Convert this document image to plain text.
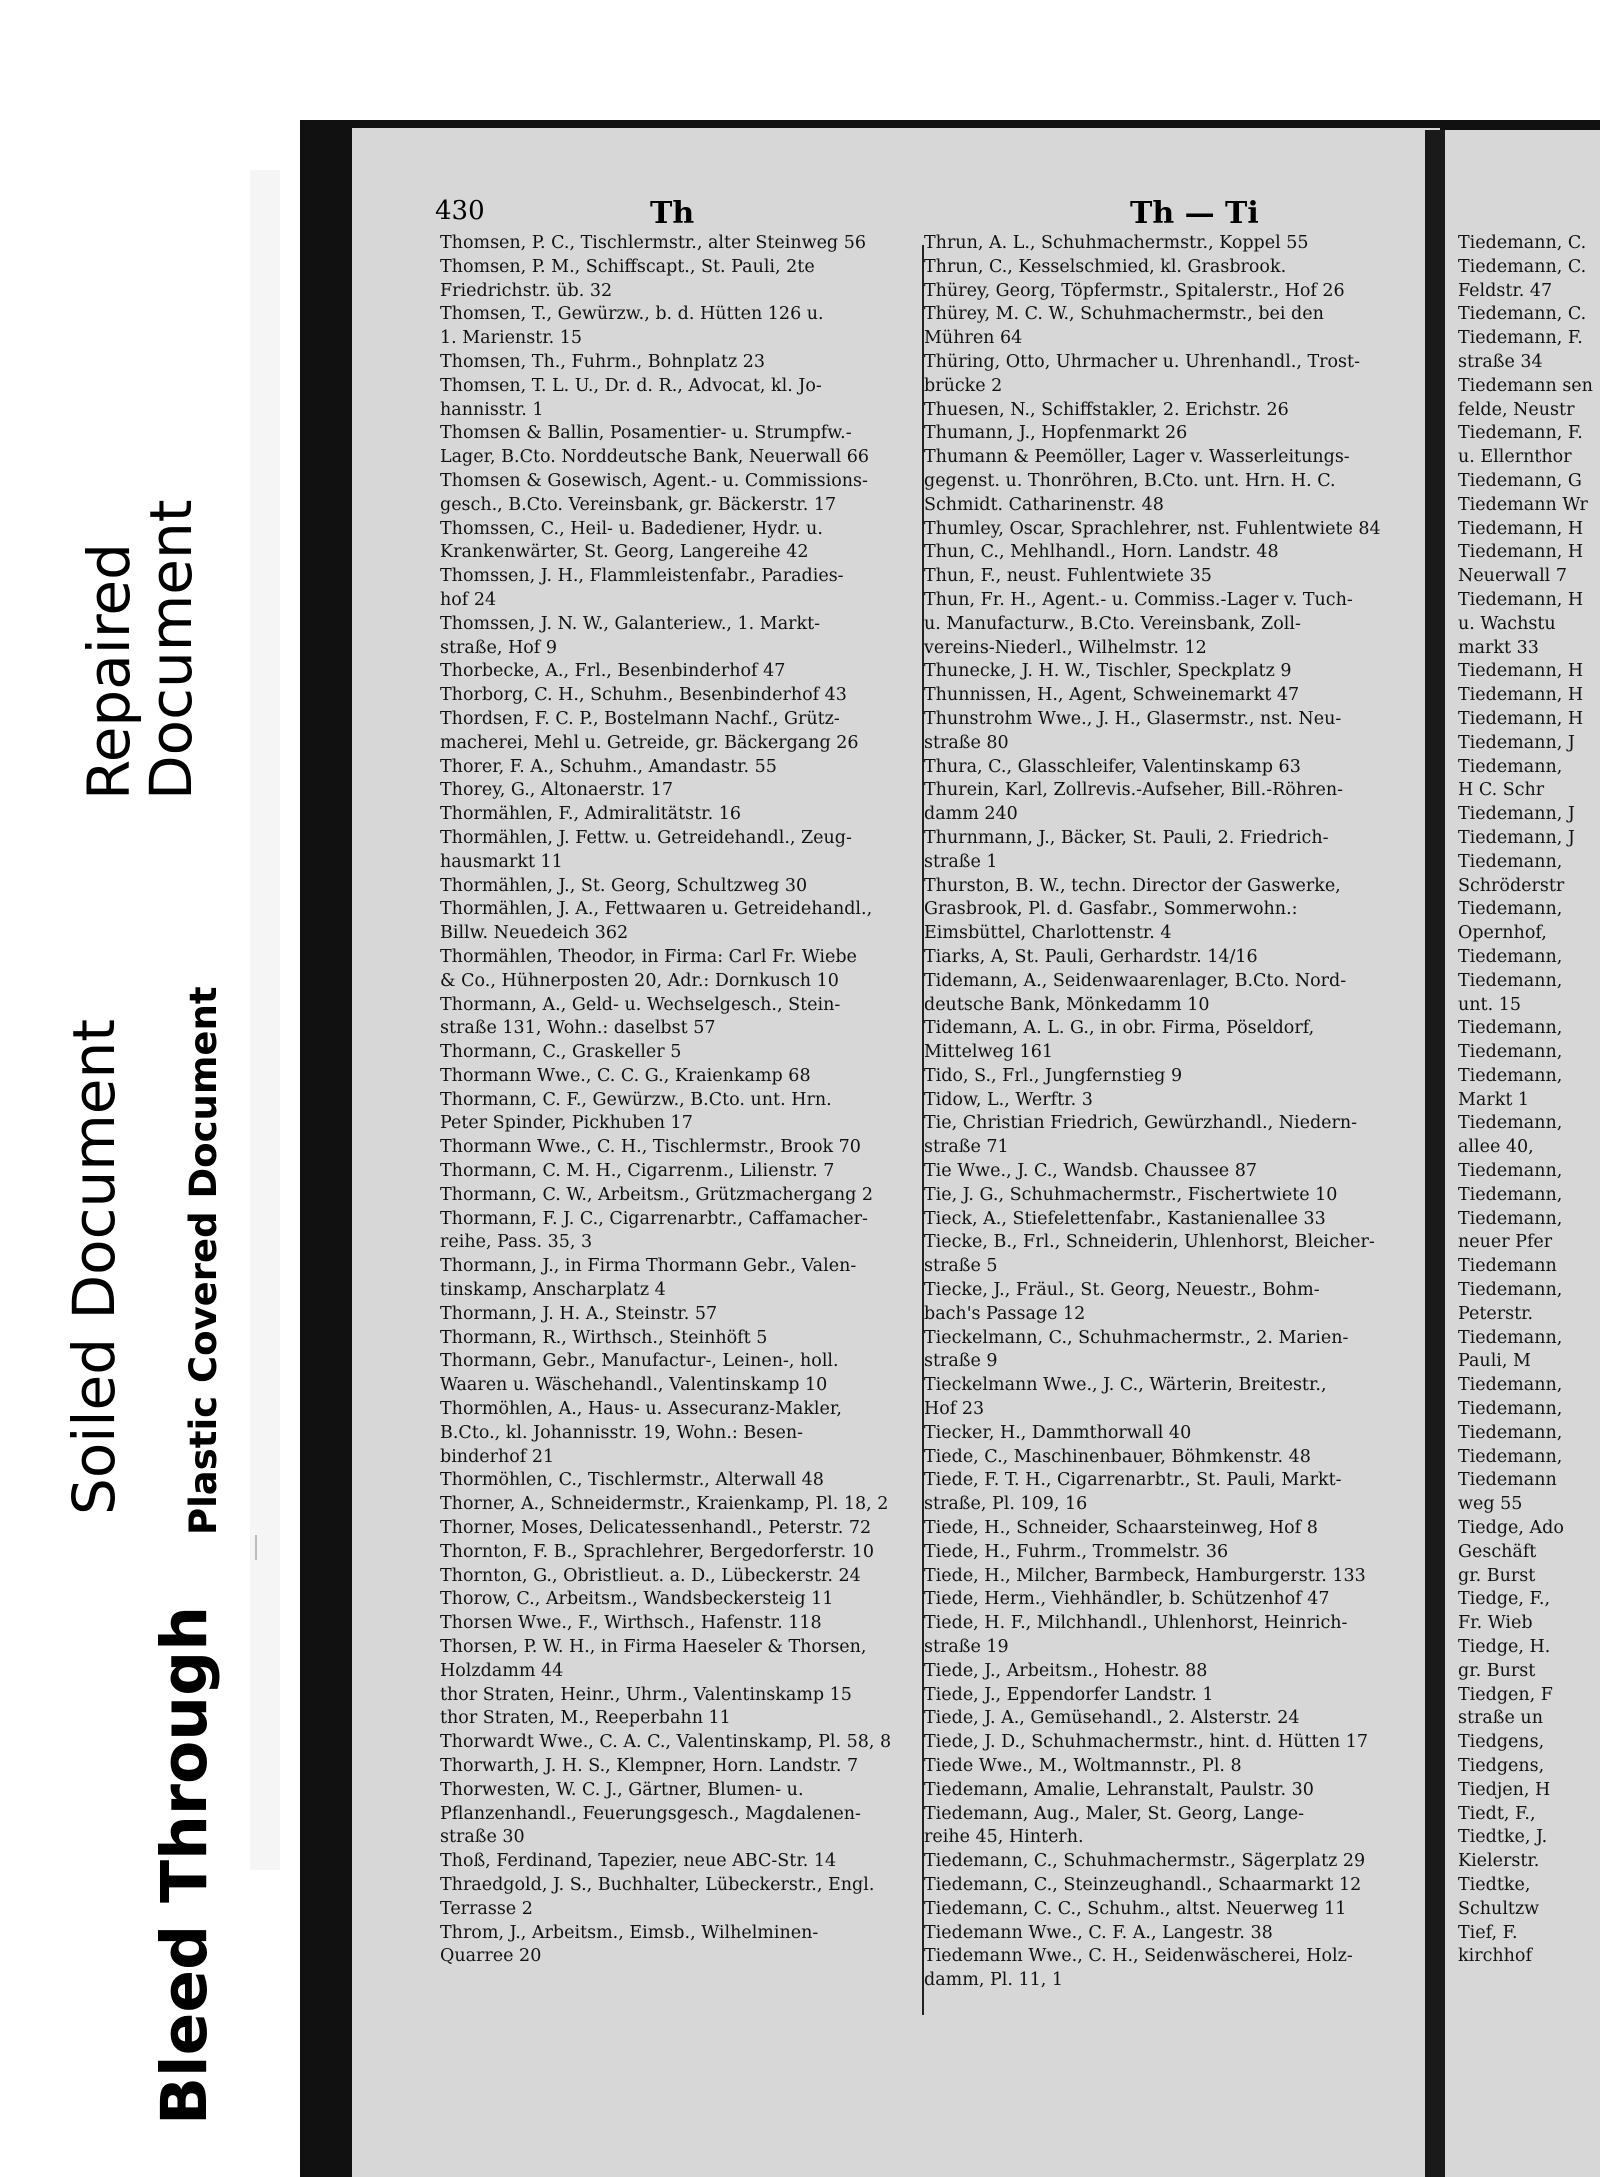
Repaired
Document
Soiled Document Plastic Covered Document
Bleed Through
430	Th	Th — Ti
Thomsen, P. C., Tischlermstr., alter Steinweg 56
Thomsen, P. M., Schiffscapt., St. Pauli, 2te
Friedrichstr. üb. 32
Thomsen, T., Gewürzw., b. d. Hütten 126 u.
1. Marienstr. 15
Thomsen, Th., Fuhrm., Bohnplatz 23
Thomsen, T. L. U., Dr. d. R., Advocat, kl. Jo-
hannisstr. 1
Thomsen & Ballin, Posamentier- u. Strumpfw.-
Lager, B.Cto. Norddeutsche Bank, Neuerwall 66
Thomsen & Gosewisch, Agent.- u. Commissions-
gesch., B.Cto. Vereinsbank, gr. Bäckerstr. 17
Thomssen, C., Heil- u. Badediener, Hydr. u.
Krankenwärter, St. Georg, Langereihe 42
Thomssen, J. H., Flammleistenfabr., Paradies-
hof 24
Thomssen, J. N. W., Galanteriew., 1. Markt-
straße, Hof 9
Thorbecke, A., Frl., Besenbinderhof 47
Thorborg, C. H., Schuhm., Besenbinderhof 43
Thordsen, F. C. P., Bostelmann Nachf., Grütz-
macherei, Mehl u. Getreide, gr. Bäckergang 26
Thorer, F. A., Schuhm., Amandastr. 55
Thorey, G., Altonaerstr. 17
Thormählen, F., Admiralitätstr. 16
Thormählen, J. Fettw. u. Getreidehandl., Zeug-
hausmarkt 11
Thormählen, J., St. Georg, Schultzweg 30
Thormählen, J. A., Fettwaaren u. Getreidehandl.,
Billw. Neuedeich 362
Thormählen, Theodor, in Firma: Carl Fr. Wiebe
& Co., Hühnerposten 20, Adr.: Dornkusch 10
Thormann, A., Geld- u. Wechselgesch., Stein-
straße 131, Wohn.: daselbst 57
Thormann, C., Graskeller 5
Thormann Wwe., C. C. G., Kraienkamp 68
Thormann, C. F., Gewürzw., B.Cto. unt. Hrn.
Peter Spinder, Pickhuben 17
Thormann Wwe., C. H., Tischlermstr., Brook 70
Thormann, C. M. H., Cigarrenm., Lilienstr. 7
Thormann, C. W., Arbeitsm., Grützmachergang 2
Thormann, F. J. C., Cigarrenarbtr., Caffamacher-
reihe, Pass. 35, 3
Thormann, J., in Firma Thormann Gebr., Valen-
tinskamp, Anscharplatz 4
Thormann, J. H. A., Steinstr. 57
Thormann, R., Wirthsch., Steinhöft 5
Thormann, Gebr., Manufactur-, Leinen-, holl.
Waaren u. Wäschehandl., Valentinskamp 10
Thormöhlen, A., Haus- u. Assecuranz-Makler,
B.Cto., kl. Johannisstr. 19, Wohn.: Besen-
binderhof 21
Thormöhlen, C., Tischlermstr., Alterwall 48
Thorner, A., Schneidermstr., Kraienkamp, Pl. 18, 2
Thorner, Moses, Delicatessenhandl., Peterstr. 72
Thornton, F. B., Sprachlehrer, Bergedorferstr. 10
Thornton, G., Obristlieut. a. D., Lübeckerstr. 24
Thorow, C., Arbeitsm., Wandsbeckersteig 11
Thorsen Wwe., F., Wirthsch., Hafenstr. 118
Thorsen, P. W. H., in Firma Haeseler & Thorsen,
Holzdamm 44
thor Straten, Heinr., Uhrm., Valentinskamp 15
thor Straten, M., Reeperbahn 11
Thorwardt Wwe., C. A. C., Valentinskamp, Pl. 58, 8
Thorwarth, J. H. S., Klempner, Horn. Landstr. 7
Thorwesten, W. C. J., Gärtner, Blumen- u.
Pflanzenhandl., Feuerungsgesch., Magdalenen-
straße 30
Thoß, Ferdinand, Tapezier, neue ABC-Str. 14
Thraedgold, J. S., Buchhalter, Lübeckerstr., Engl.
Terrasse 2
Throm, J., Arbeitsm., Eimsb., Wilhelminen-
Quarree 20
Thrun, A. L., Schuhmachermstr., Koppel 55
Thrun, C., Kesselschmied, kl. Grasbrook.
Thürey, Georg, Töpfermstr., Spitalerstr., Hof 26
Thürey, M. C. W., Schuhmachermstr., bei den
Mühren 64
Thüring, Otto, Uhrmacher u. Uhrenhandl., Trost-
brücke 2
Thuesen, N., Schiffstakler, 2. Erichstr. 26
Thumann, J., Hopfenmarkt 26
Thumann & Peemöller, Lager v. Wasserleitungs-
gegenst. u. Thonröhren, B.Cto. unt. Hrn. H. C.
Schmidt. Catharinenstr. 48
Thumley, Oscar, Sprachlehrer, nst. Fuhlentwiete 84
Thun, C., Mehlhandl., Horn. Landstr. 48
Thun, F., neust. Fuhlentwiete 35
Thun, Fr. H., Agent.- u. Commiss.-Lager v. Tuch-
u. Manufacturw., B.Cto. Vereinsbank, Zoll-
vereins-Niederl., Wilhelmstr. 12
Thunecke, J. H. W., Tischler, Speckplatz 9
Thunnissen, H., Agent, Schweinemarkt 47
Thunstrohm Wwe., J. H., Glasermstr., nst. Neu-
straße 80
Thura, C., Glasschleifer, Valentinskamp 63
Thurein, Karl, Zollrevis.-Aufseher, Bill.-Röhren-
damm 240
Thurnmann, J., Bäcker, St. Pauli, 2. Friedrich-
straße 1
Thurston, B. W., techn. Director der Gaswerke,
Grasbrook, Pl. d. Gasfabr., Sommerwohn.:
Eimsbüttel, Charlottenstr. 4
Tiarks, A, St. Pauli, Gerhardstr. 14/16
Tidemann, A., Seidenwaarenlager, B.Cto. Nord-
deutsche Bank, Mönkedamm 10
Tidemann, A. L. G., in obr. Firma, Pöseldorf,
Mittelweg 161
Tido, S., Frl., Jungfernstieg 9
Tidow, L., Werftr. 3
Tie, Christian Friedrich, Gewürzhandl., Niedern-
straße 71
Tie Wwe., J. C., Wandsb. Chaussee 87
Tie, J. G., Schuhmachermstr., Fischertwiete 10
Tieck, A., Stiefelettenfabr., Kastanienallee 33
Tiecke, B., Frl., Schneiderin, Uhlenhorst, Bleicher-
straße 5
Tiecke, J., Fräul., St. Georg, Neuestr., Bohm-
bach's Passage 12
Tieckelmann, C., Schuhmachermstr., 2. Marien-
straße 9
Tieckelmann Wwe., J. C., Wärterin, Breitestr.,
Hof 23
Tiecker, H., Dammthorwall 40
Tiede, C., Maschinenbauer, Böhmkenstr. 48
Tiede, F. T. H., Cigarrenarbtr., St. Pauli, Markt-
straße, Pl. 109, 16
Tiede, H., Schneider, Schaarsteinweg, Hof 8
Tiede, H., Fuhrm., Trommelstr. 36
Tiede, H., Milcher, Barmbeck, Hamburgerstr. 133
Tiede, Herm., Viehhändler, b. Schützenhof 47
Tiede, H. F., Milchhandl., Uhlenhorst, Heinrich-
straße 19
Tiede, J., Arbeitsm., Hohestr. 88
Tiede, J., Eppendorfer Landstr. 1
Tiede, J. A., Gemüsehandl., 2. Alsterstr. 24
Tiede, J. D., Schuhmachermstr., hint. d. Hütten 17
Tiede Wwe., M., Woltmannstr., Pl. 8
Tiedemann, Amalie, Lehranstalt, Paulstr. 30
Tiedemann, Aug., Maler, St. Georg, Lange-
reihe 45, Hinterh.
Tiedemann, C., Schuhmachermstr., Sägerplatz 29
Tiedemann, C., Steinzeughandl., Schaarmarkt 12
Tiedemann, C. C., Schuhm., altst. Neuerweg 11
Tiedemann Wwe., C. F. A., Langestr. 38
Tiedemann Wwe., C. H., Seidenwäscherei, Holz-
damm, Pl. 11, 1
Tiedemann, C.
Tiedemann, C.
Feldstr. 47
Tiedemann, C.
Tiedemann, F.
straße 34
Tiedemann sen
felde, Neustr
Tiedemann, F.
u. Ellernthor
Tiedemann, G
Tiedemann Wr
Tiedemann, H
Tiedemann, H
Neuerwall 7
Tiedemann, H
u. Wachstu
markt 33
Tiedemann, H
Tiedemann, H
Tiedemann, H
Tiedemann, J
Tiedemann,
H C. Schr
Tiedemann, J
Tiedemann, J
Tiedemann,
Schröderstr
Tiedemann,
Opernhof,
Tiedemann,
Tiedemann,
unt. 15
Tiedemann,
Tiedemann,
Tiedemann,
Markt 1
Tiedemann,
allee 40,
Tiedemann,
Tiedemann,
Tiedemann,
neuer Pfer
Tiedemann
Tiedemann,
Peterstr.
Tiedemann,
Pauli, M
Tiedemann,
Tiedemann,
Tiedemann,
Tiedemann,
Tiedemann
weg 55
Tiedge, Ado
Geschäft
gr. Burst
Tiedge, F.,
Fr. Wieb
Tiedge, H.
gr. Burst
Tiedgen, F
straße un
Tiedgens,
Tiedgens,
Tiedjen, H
Tiedt, F.,
Tiedtke, J.
Kielerstr.
Tiedtke,
Schultzw
Tief, F.
kirchhof
